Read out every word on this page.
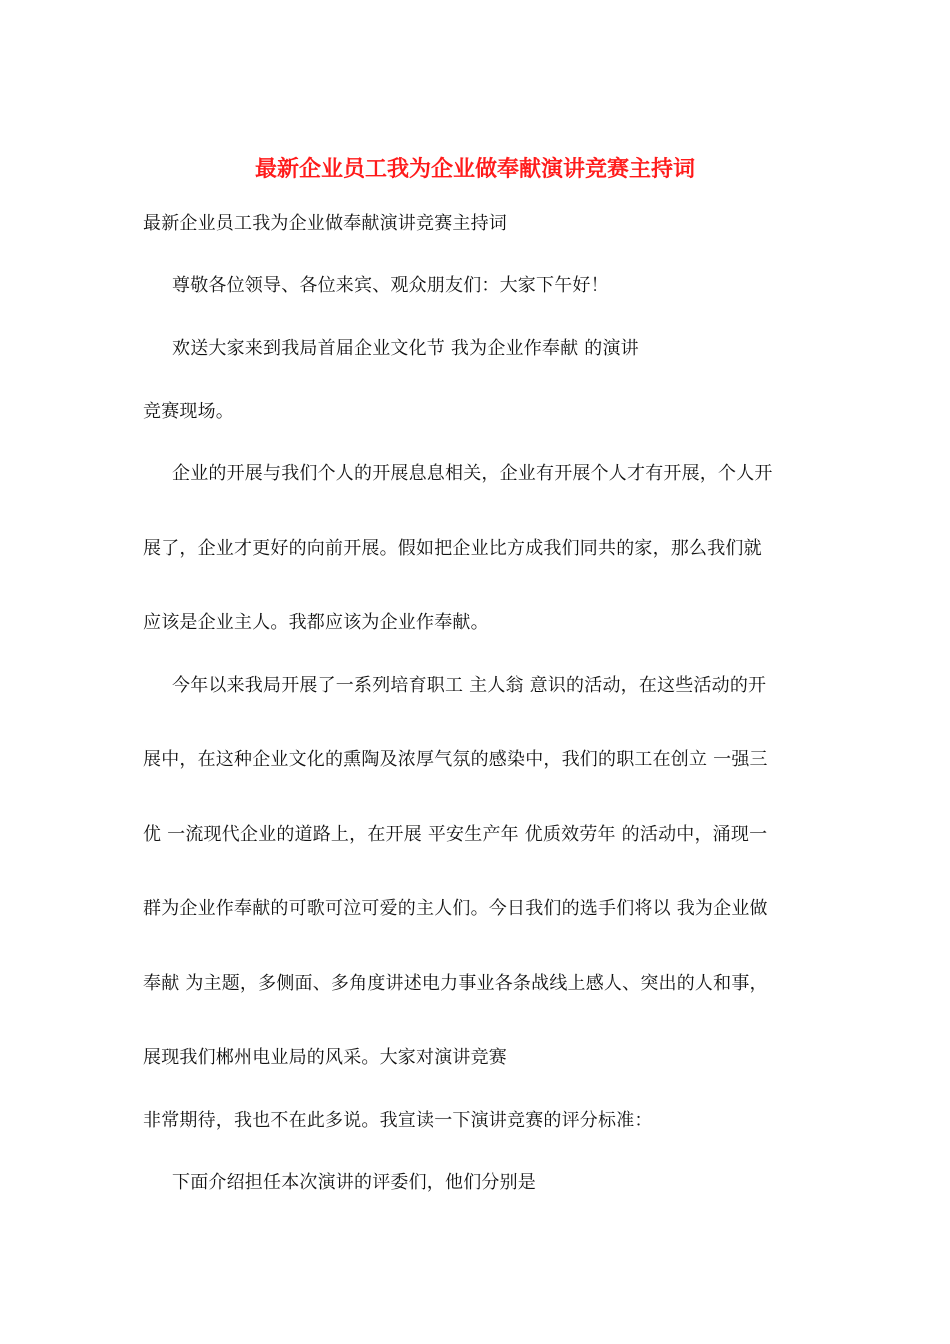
最新企业员工我为企业做奉献演讲竞赛主持词
最新企业员工我为企业做奉献演讲竞赛主持词
尊敬各位领导、各位来宾、观众朋友们：大家下午好！
欢送大家来到我局首届企业文化节 我为企业作奉献 的演讲
竞赛现场。
企业的开展与我们个人的开展息息相关，企业有开展个人才有开展，个人开
展了，企业才更好的向前开展。假如把企业比方成我们同共的家，那么我们就
应该是企业主人。我都应该为企业作奉献。
今年以来我局开展了一系列培育职工 主人翁 意识的活动，在这些活动的开
展中，在这种企业文化的熏陶及浓厚气氛的感染中，我们的职工在创立 一强三
优 一流现代企业的道路上，在开展 平安生产年 优质效劳年 的活动中，涌现一
群为企业作奉献的可歌可泣可爱的主人们。今日我们的选手们将以 我为企业做
奉献 为主题，多侧面、多角度讲述电力事业各条战线上感人、突出的人和事，
展现我们郴州电业局的风采。大家对演讲竞赛
非常期待，我也不在此多说。我宣读一下演讲竞赛的评分标准：
下面介绍担任本次演讲的评委们，他们分别是
